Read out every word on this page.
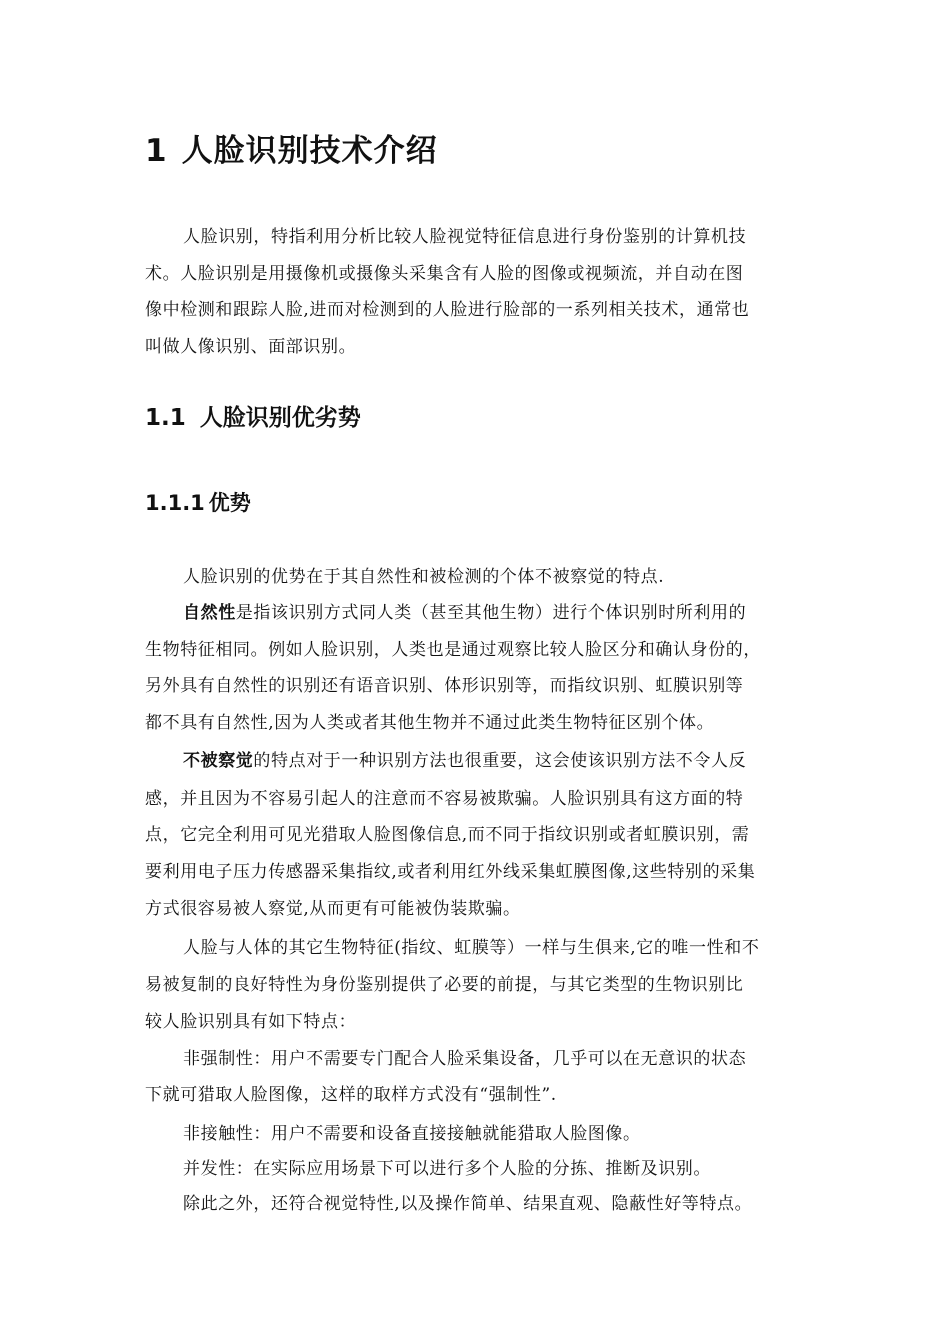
1 人脸识别技术介绍

人脸识别，特指利用分析比较人脸视觉特征信息进行身份鉴别的计算机技

术。人脸识别是用摄像机或摄像头采集含有人脸的图像或视频流，并自动在图

像中检测和跟踪人脸,进而对检测到的人脸进行脸部的一系列相关技术，通常也

叫做人像识别、面部识别。

1.1 人脸识别优劣势
1.1.1 优势

人脸识别的优势在于其自然性和被检测的个体不被察觉的特点.

自然性是指该识别方式同人类（甚至其他生物）进行个体识别时所利用的

生物特征相同。例如人脸识别，人类也是通过观察比较人脸区分和确认身份的，

另外具有自然性的识别还有语音识别、体形识别等，而指纹识别、虹膜识别等

都不具有自然性,因为人类或者其他生物并不通过此类生物特征区别个体。

不被察觉的特点对于一种识别方法也很重要，这会使该识别方法不令人反

感，并且因为不容易引起人的注意而不容易被欺骗。人脸识别具有这方面的特

点，它完全利用可见光猎取人脸图像信息,而不同于指纹识别或者虹膜识别，需

要利用电子压力传感器采集指纹,或者利用红外线采集虹膜图像,这些特别的采集

方式很容易被人察觉,从而更有可能被伪装欺骗。

人脸与人体的其它生物特征(指纹、虹膜等）一样与生俱来,它的唯一性和不

易被复制的良好特性为身份鉴别提供了必要的前提，与其它类型的生物识别比

较人脸识别具有如下特点：

非强制性：用户不需要专门配合人脸采集设备，几乎可以在无意识的状态

下就可猎取人脸图像，这样的取样方式没有“强制性”.

非接触性：用户不需要和设备直接接触就能猎取人脸图像。

并发性：在实际应用场景下可以进行多个人脸的分拣、推断及识别。

除此之外，还符合视觉特性,以及操作简单、结果直观、隐蔽性好等特点。
